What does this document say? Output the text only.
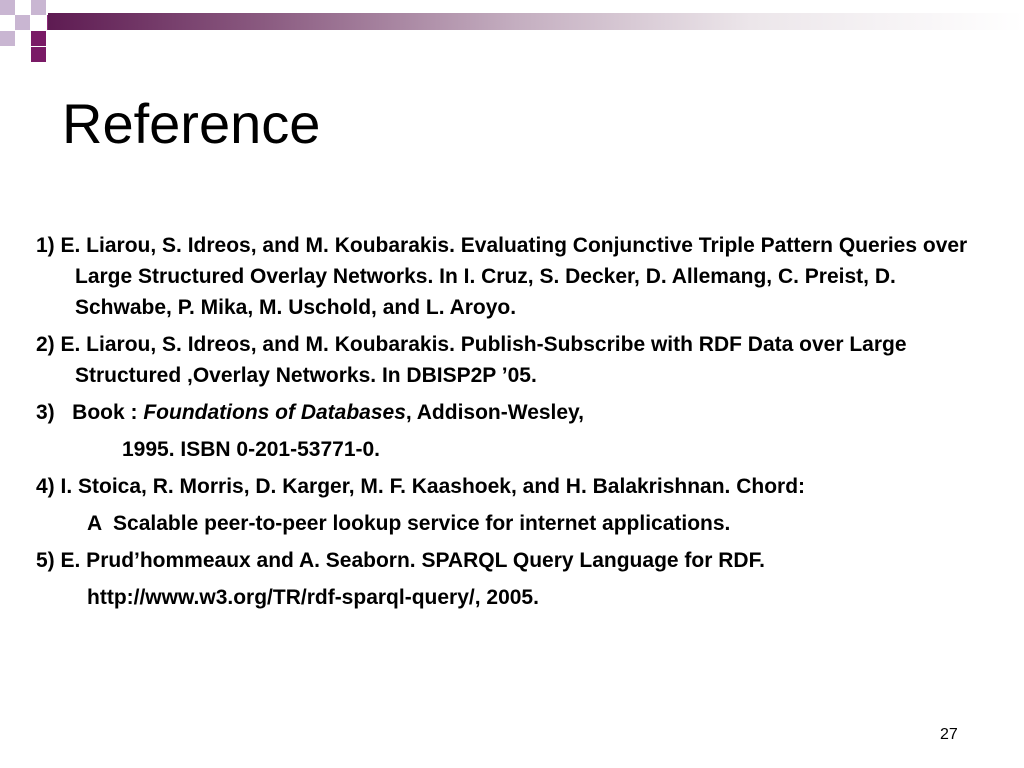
Reference

1) E. Liarou, S. Idreos, and M. Koubarakis. Evaluating Conjunctive Triple Pattern Queries over Large Structured Overlay Networks. In I. Cruz, S. Decker, D. Allemang, C. Preist, D. Schwabe, P. Mika, M. Uschold, and L. Aroyo.

2) E. Liarou, S. Idreos, and M. Koubarakis. Publish-Subscribe with RDF Data over Large Structured ,Overlay Networks. In DBISP2P ’05.

3)   Book : Foundations of Databases, Addison-Wesley,

1995. ISBN 0-201-53771-0.

4) I. Stoica, R. Morris, D. Karger, M. F. Kaashoek, and H. Balakrishnan. Chord:

A  Scalable peer-to-peer lookup service for internet applications.

5) E. Prud’hommeaux and A. Seaborn. SPARQL Query Language for RDF.

http://www.w3.org/TR/rdf-sparql-query/, 2005.

27
